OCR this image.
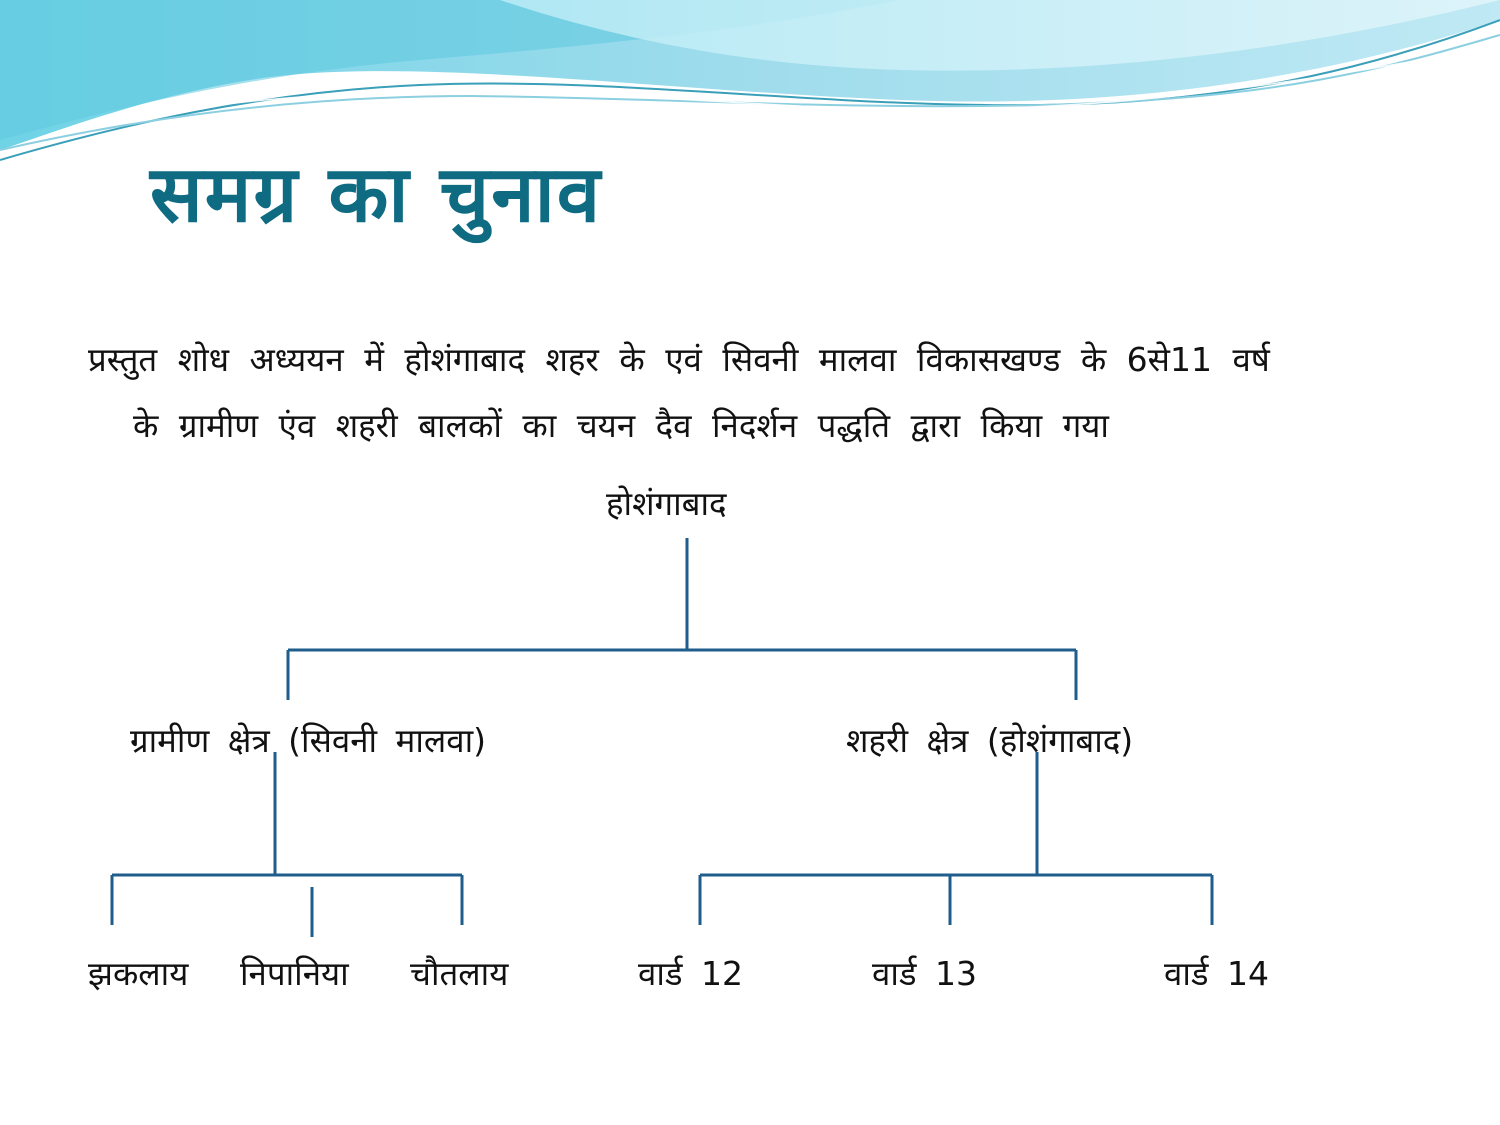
समग्र का चुनाव
प्रस्तुत शोध अध्ययन में होशंगाबाद शहर के एवं सिवनी मालवा विकासखण्ड के 6से11 वर्ष
के ग्रामीण एंव शहरी बालकों का चयन दैव निदर्शन पद्धति द्वारा किया गया
होशंगाबाद
ग्रामीण क्षेत्र (सिवनी मालवा)	शहरी क्षेत्र (होशंगाबाद)
झकलाय निपानिया चौतलाय	वार्ड 12	वार्ड 13	वार्ड 14
